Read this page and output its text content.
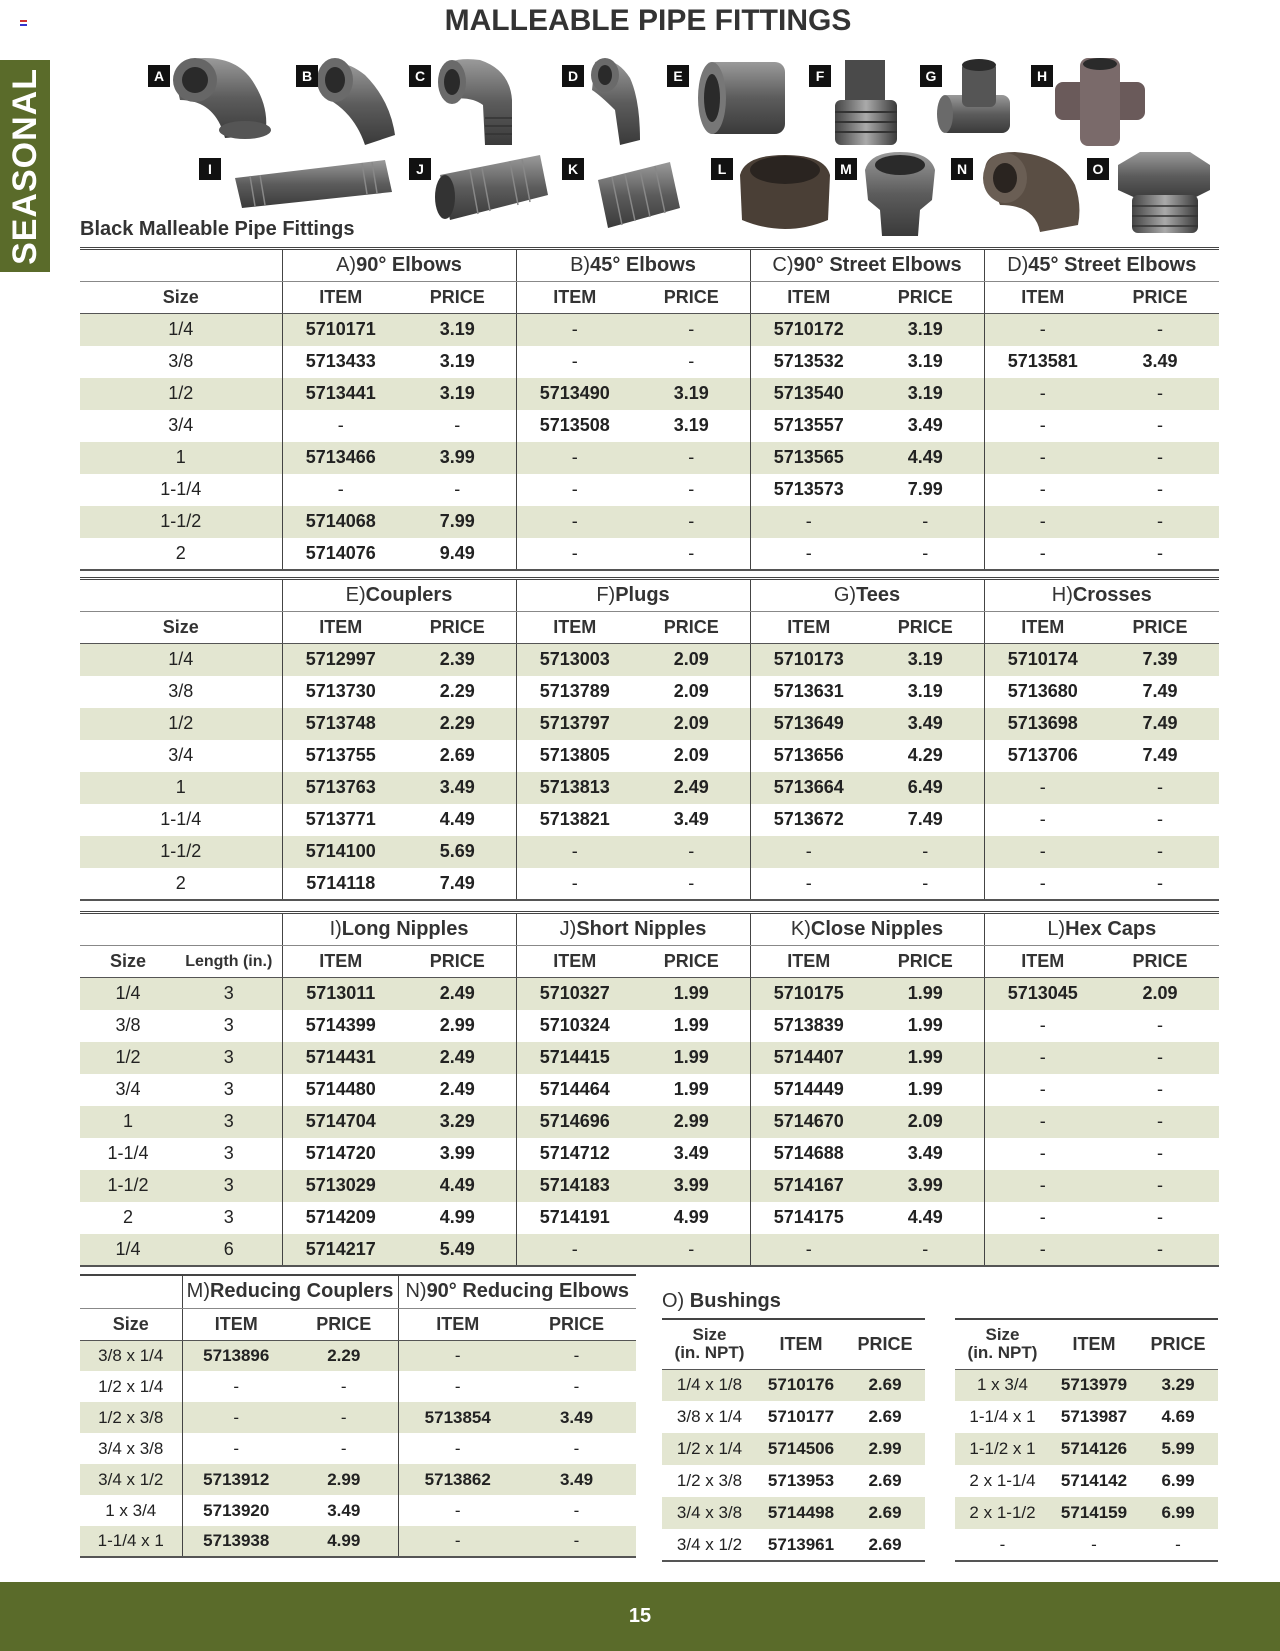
SEASONAL
MALLEABLE PIPE FITTINGS
A	B	C	D	E	F	G	H
I	J	K	L	M	N	O
Black Malleable Pipe Fittings
	A)90° Elbows		B)45° Elbows		C)90° Street Elbows		D)45° Street Elbows	
Size	ITEM	PRICE	ITEM	PRICE	ITEM	PRICE	ITEM	PRICE
1/4	5710171	3.19	-	-	5710172	3.19	-	-
3/8	5713433	3.19	-	-	5713532	3.19	5713581	3.49
1/2	5713441	3.19	5713490	3.19	5713540	3.19	-	-
3/4	-	-	5713508	3.19	5713557	3.49	-	-
1	5713466	3.99	-	-	5713565	4.49	-	-
1-1/4	-	-	-	-	5713573	7.99	-	-
1-1/2	5714068	7.99	-	-	-	-	-	-
2	5714076	9.49	-	-	-	-	-	-
	E)Couplers		F)Plugs		G)Tees		H)Crosses	
Size	ITEM	PRICE	ITEM	PRICE	ITEM	PRICE	ITEM	PRICE
1/4	5712997	2.39	5713003	2.09	5710173	3.19	5710174	7.39
3/8	5713730	2.29	5713789	2.09	5713631	3.19	5713680	7.49
1/2	5713748	2.29	5713797	2.09	5713649	3.49	5713698	7.49
3/4	5713755	2.69	5713805	2.09	5713656	4.29	5713706	7.49
1	5713763	3.49	5713813	2.49	5713664	6.49	-	-
1-1/4	5713771	4.49	5713821	3.49	5713672	7.49	-	-
1-1/2	5714100	5.69	-	-	-	-	-	-
2	5714118	7.49	-	-	-	-	-	-
		I)Long Nipples		J)Short Nipples		K)Close Nipples		L)Hex Caps	
Size	Length (in.)	ITEM	PRICE	ITEM	PRICE	ITEM	PRICE	ITEM	PRICE
1/4	3	5713011	2.49	5710327	1.99	5710175	1.99	5713045	2.09
3/8	3	5714399	2.99	5710324	1.99	5713839	1.99	-	-
1/2	3	5714431	2.49	5714415	1.99	5714407	1.99	-	-
3/4	3	5714480	2.49	5714464	1.99	5714449	1.99	-	-
1	3	5714704	3.29	5714696	2.99	5714670	2.09	-	-
1-1/4	3	5714720	3.99	5714712	3.49	5714688	3.49	-	-
1-1/2	3	5713029	4.49	5714183	3.99	5714167	3.99	-	-
2	3	5714209	4.99	5714191	4.99	5714175	4.49	-	-
1/4	6	5714217	5.49	-	-	-	-	-	-
	M)Reducing Couplers		N)90° Reducing Elbows	
Size	ITEM	PRICE	ITEM	PRICE
3/8 x 1/4	5713896	2.29	-	-
1/2 x 1/4	-	-	-	-
1/2 x 3/8	-	-	5713854	3.49
3/4 x 3/8	-	-	-	-
3/4 x 1/2	5713912	2.99	5713862	3.49
1 x 3/4	5713920	3.49	-	-
1-1/4 x 1	5713938	4.99	-	-
O) Bushings
Size
(in. NPT)	ITEM	PRICE
1/4 x 1/8	5710176	2.69
3/8 x 1/4	5710177	2.69
1/2 x 1/4	5714506	2.99
1/2 x 3/8	5713953	2.69
3/4 x 3/8	5714498	2.69
3/4 x 1/2	5713961	2.69
Size
(in. NPT)	ITEM	PRICE
1 x 3/4	5713979	3.29
1-1/4 x 1	5713987	4.69
1-1/2 x 1	5714126	5.99
2 x 1-1/4	5714142	6.99
2 x 1-1/2	5714159	6.99
-	-	-
15
